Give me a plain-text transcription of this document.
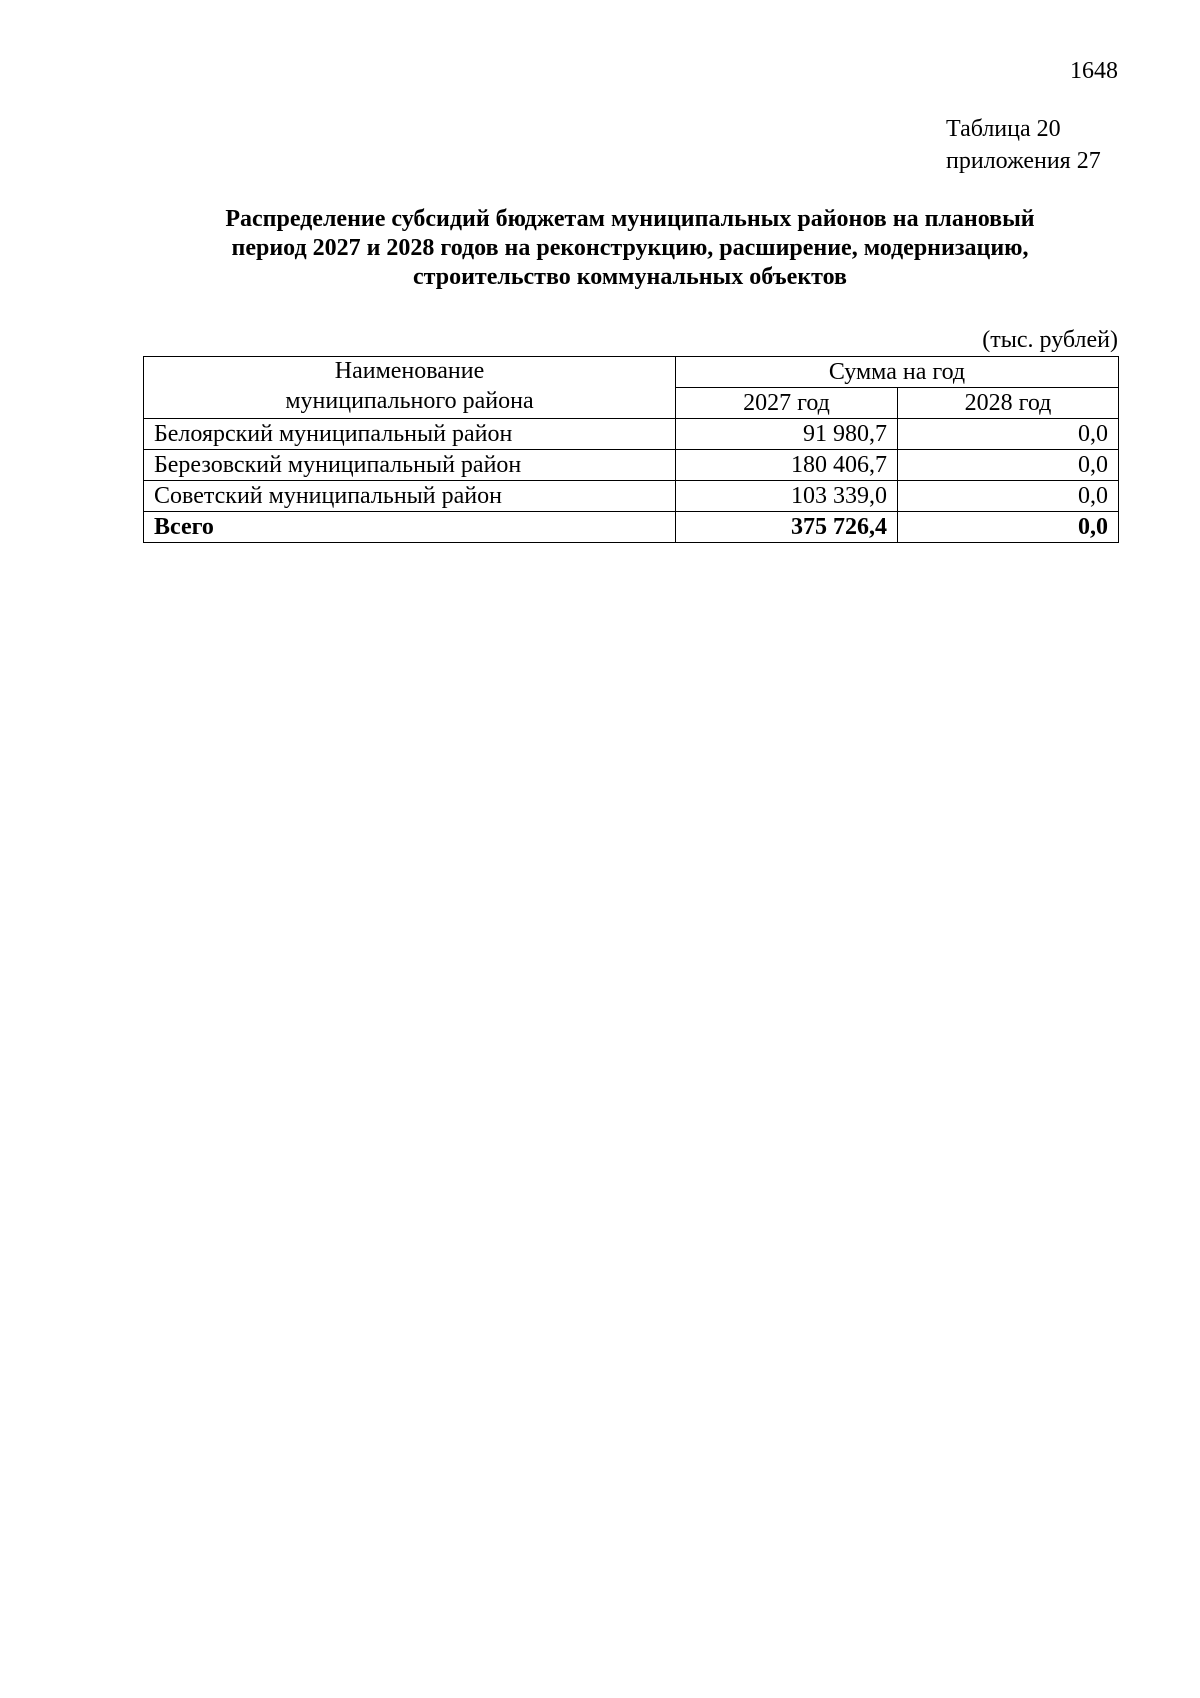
1648
Таблица 20
приложения 27
Распределение субсидий бюджетам муниципальных районов на плановый
период 2027 и 2028 годов на реконструкцию, расширение, модернизацию,
строительство коммунальных объектов
(тыс. рублей)
Наименование
муниципального района	Сумма на год	
	2027 год	2028 год
Белоярский муниципальный район	91 980,7	0,0
Березовский муниципальный район	180 406,7	0,0
Советский муниципальный район	103 339,0	0,0
Всего	375 726,4	0,0
